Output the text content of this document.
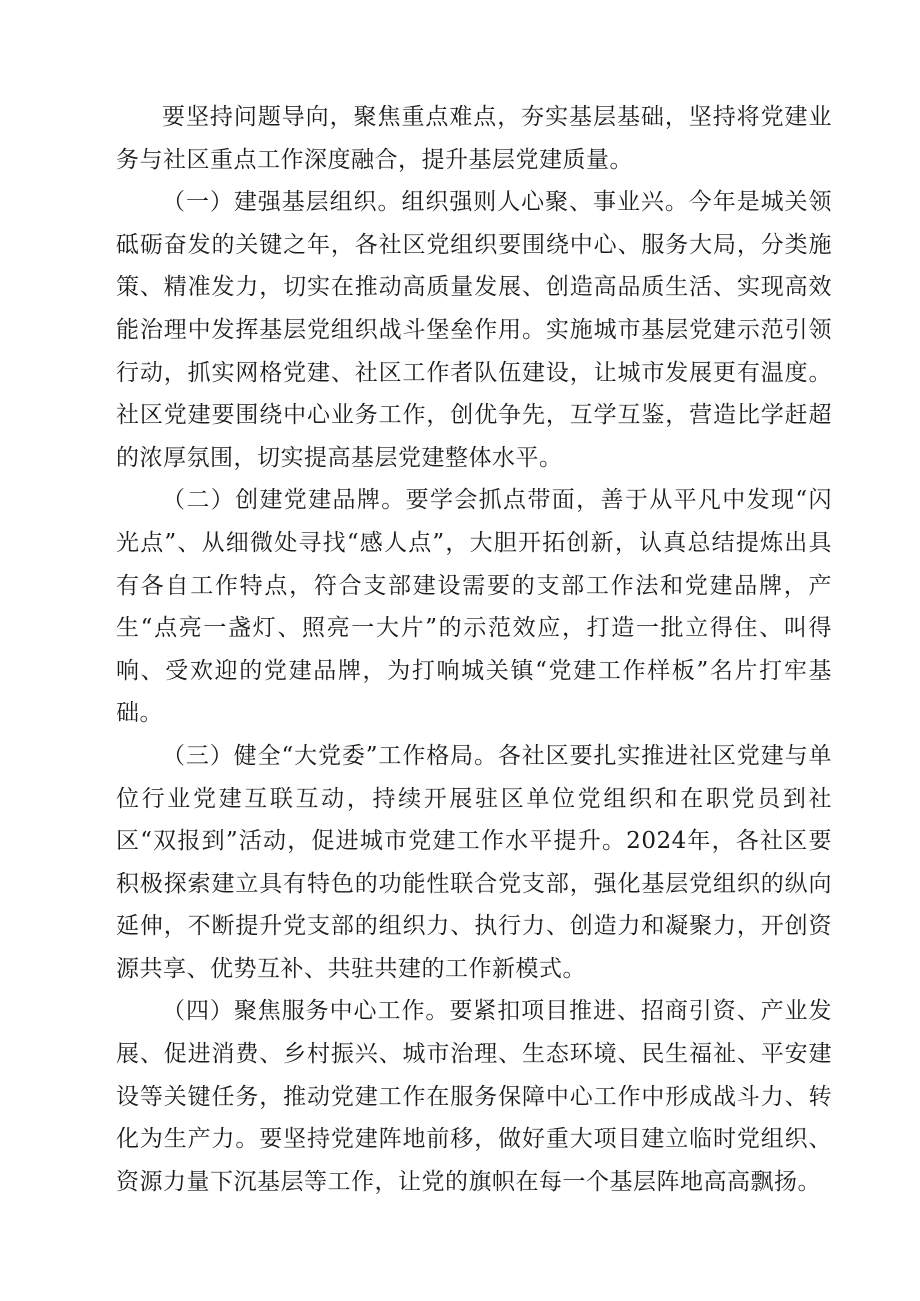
要坚持问题导向，聚焦重点难点，夯实基层基础，坚持将党建业务与社区重点工作深度融合，提升基层党建质量。

（一）建强基层组织。组织强则人心聚、事业兴。今年是城关领砥砺奋发的关键之年，各社区党组织要围绕中心、服务大局，分类施策、精准发力，切实在推动高质量发展、创造高品质生活、实现高效能治理中发挥基层党组织战斗堡垒作用。实施城市基层党建示范引领行动，抓实网格党建、社区工作者队伍建设，让城市发展更有温度。社区党建要围绕中心业务工作，创优争先，互学互鉴，营造比学赶超的浓厚氛围，切实提高基层党建整体水平。

（二）创建党建品牌。要学会抓点带面，善于从平凡中发现“闪光点”、从细微处寻找“感人点”，大胆开拓创新，认真总结提炼出具有各自工作特点，符合支部建设需要的支部工作法和党建品牌，产生“点亮一盏灯、照亮一大片”的示范效应，打造一批立得住、叫得响、受欢迎的党建品牌，为打响城关镇“党建工作样板”名片打牢基础。

（三）健全“大党委”工作格局。各社区要扎实推进社区党建与单位行业党建互联互动，持续开展驻区单位党组织和在职党员到社区“双报到”活动，促进城市党建工作水平提升。2024年，各社区要积极探索建立具有特色的功能性联合党支部，强化基层党组织的纵向延伸，不断提升党支部的组织力、执行力、创造力和凝聚力，开创资源共享、优势互补、共驻共建的工作新模式。

（四）聚焦服务中心工作。要紧扣项目推进、招商引资、产业发展、促进消费、乡村振兴、城市治理、生态环境、民生福祉、平安建设等关键任务，推动党建工作在服务保障中心工作中形成战斗力、转化为生产力。要坚持党建阵地前移，做好重大项目建立临时党组织、资源力量下沉基层等工作，让党的旗帜在每一个基层阵地高高飘扬。
